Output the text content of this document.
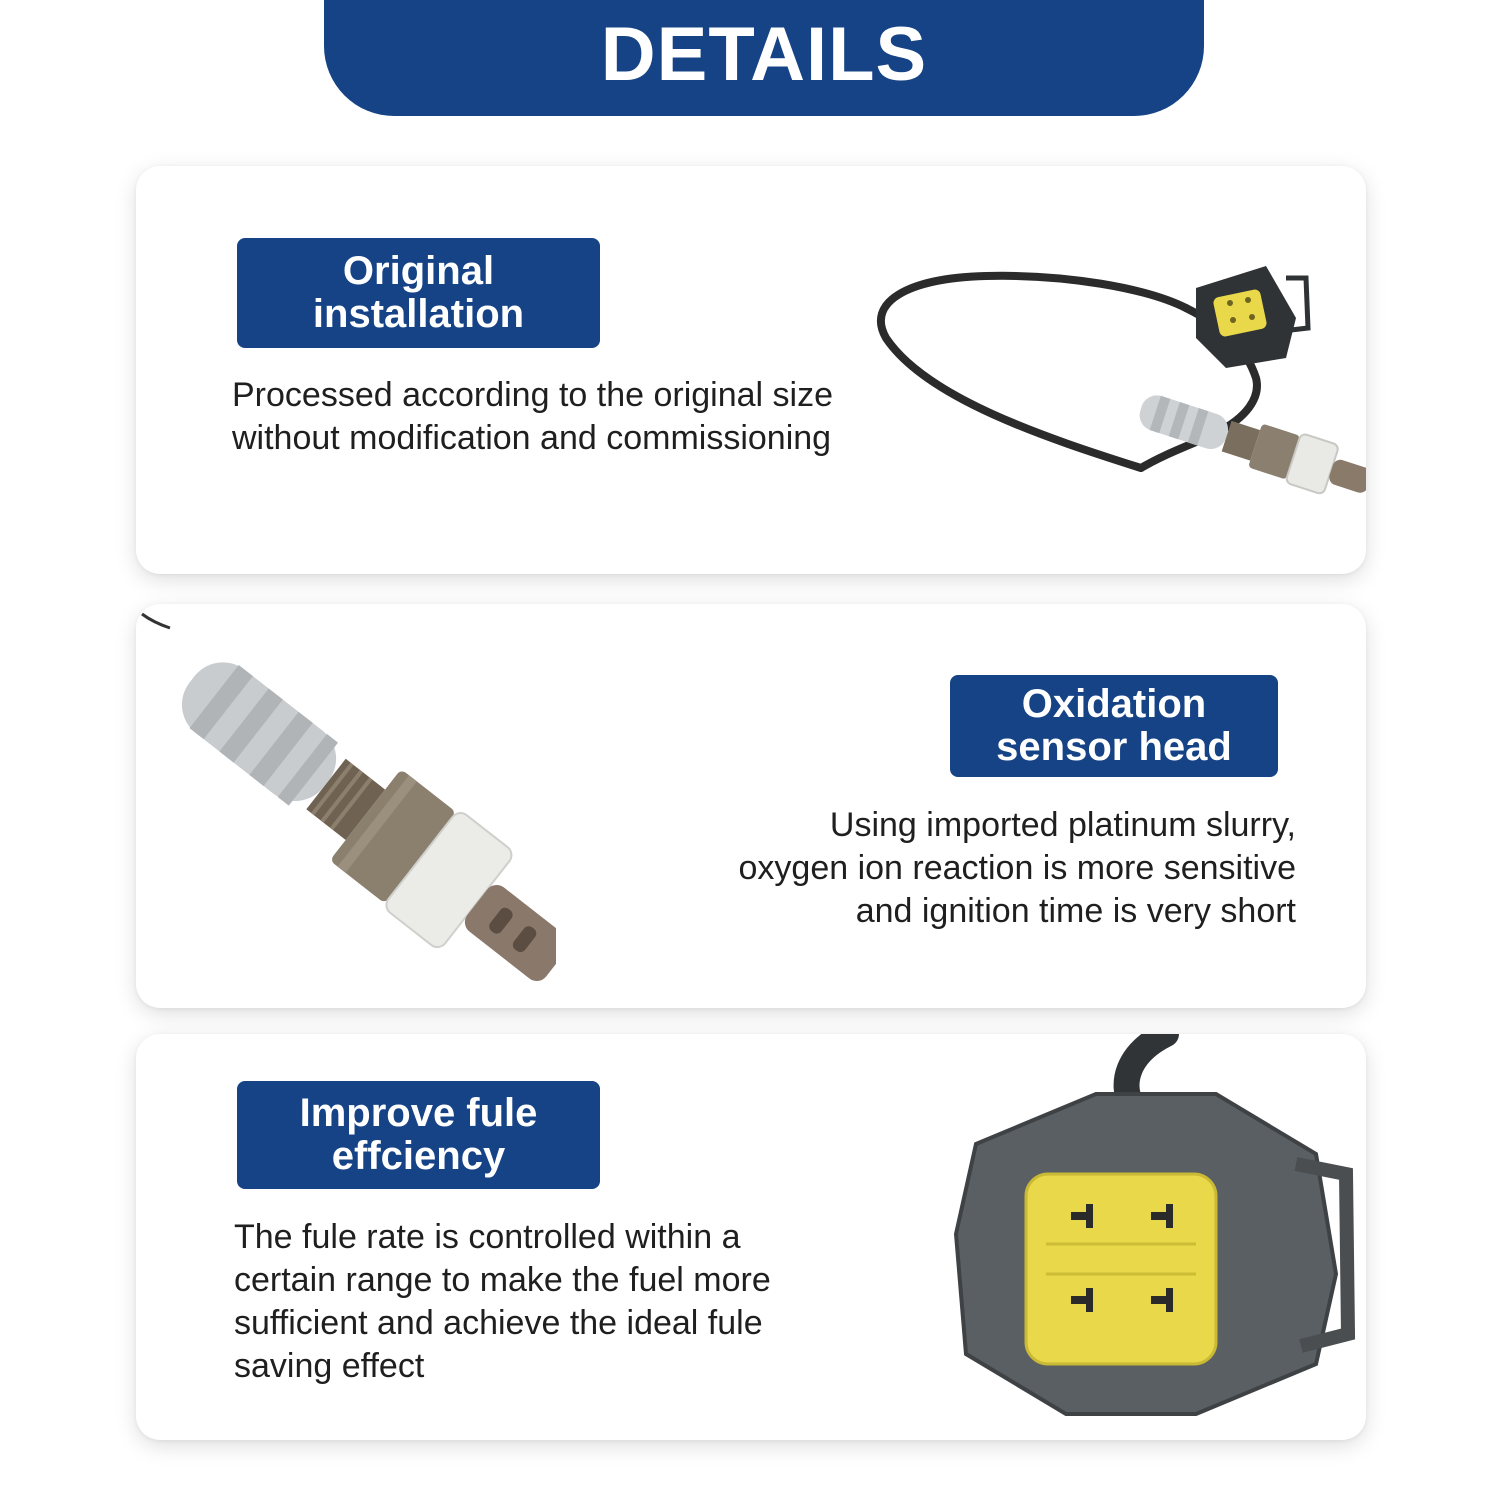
DETAILS
Original
installation
Processed according to the original size without modification and commissioning
Oxidation
sensor head
Using imported platinum slurry, oxygen ion reaction is more sensitive and ignition time is very short
Improve fule
effciency
The fule rate is controlled within a certain range to make the fuel more sufficient and achieve the ideal fule saving effect
